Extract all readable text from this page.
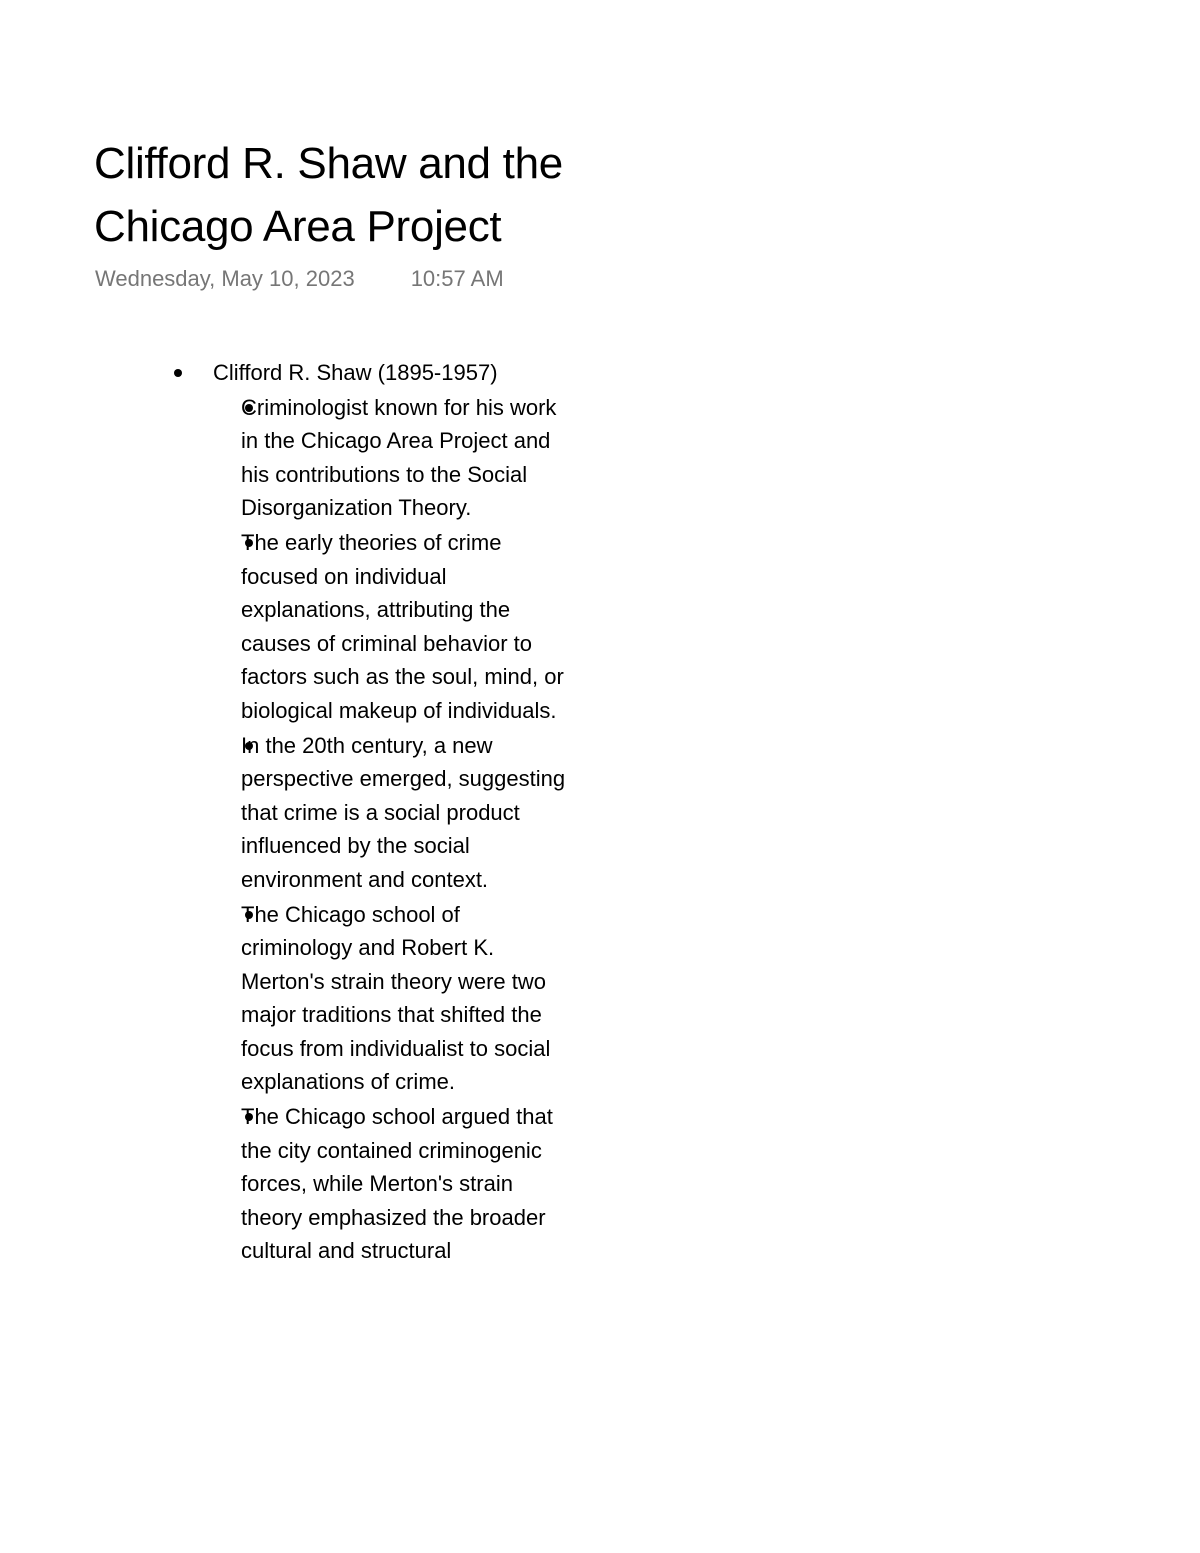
Clifford R. Shaw and the Chicago Area Project
Wednesday, May 10, 2023	10:57 AM
Clifford R. Shaw (1895-1957)
Criminologist known for his work in the Chicago Area Project and his contributions to the Social Disorganization Theory.
The early theories of crime focused on individual explanations, attributing the causes of criminal behavior to factors such as the soul, mind, or biological makeup of individuals.
In the 20th century, a new perspective emerged, suggesting that crime is a social product influenced by the social environment and context.
The Chicago school of criminology and Robert K. Merton's strain theory were two major traditions that shifted the focus from individualist to social explanations of crime.
The Chicago school argued that the city contained criminogenic forces, while Merton's strain theory emphasized the broader cultural and structural
